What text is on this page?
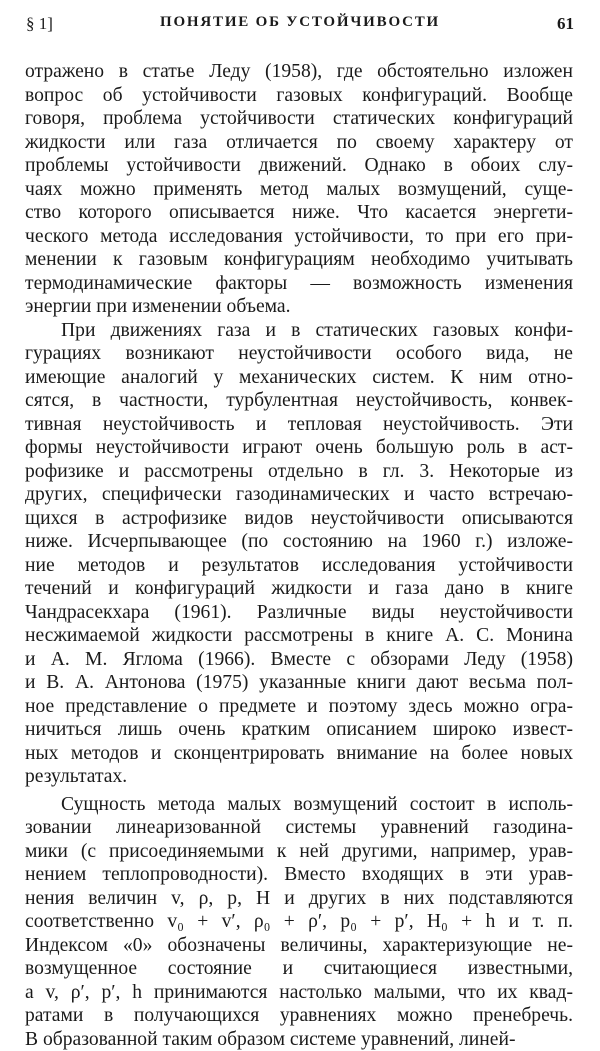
§ 1]	ПОНЯТИЕ ОБ УСТОЙЧИВОСТИ	61
отражено в статье Леду (1958), где обстоятельно изложен
вопрос об устойчивости газовых конфигураций. Вообще
говоря, проблема устойчивости статических конфигураций
жидкости или газа отличается по своему характеру от
проблемы устойчивости движений. Однако в обоих слу-
чаях можно применять метод малых возмущений, суще-
ство которого описывается ниже. Что касается энергети-
ческого метода исследования устойчивости, то при его при-
менении к газовым конфигурациям необходимо учитывать
термодинамические факторы — возможность изменения
энергии при изменении объема.
При движениях газа и в статических газовых конфи-
гурациях возникают неустойчивости особого вида, не
имеющие аналогий у механических систем. К ним отно-
сятся, в частности, турбулентная неустойчивость, конвек-
тивная неустойчивость и тепловая неустойчивость. Эти
формы неустойчивости играют очень большую роль в аст-
рофизике и рассмотрены отдельно в гл. 3. Некоторые из
других, специфически газодинамических и часто встречаю-
щихся в астрофизике видов неустойчивости описываются
ниже. Исчерпывающее (по состоянию на 1960 г.) изложе-
ние методов и результатов исследования устойчивости
течений и конфигураций жидкости и газа дано в книге
Чандрасекхара (1961). Различные виды неустойчивости
несжимаемой жидкости рассмотрены в книге А. С. Монина
и А. М. Яглома (1966). Вместе с обзорами Леду (1958)
и В. А. Антонова (1975) указанные книги дают весьма пол-
ное представление о предмете и поэтому здесь можно огра-
ничиться лишь очень кратким описанием широко извест-
ных методов и сконцентрировать внимание на более новых
результатах.
Сущность метода малых возмущений состоит в исполь-
зовании линеаризованной системы уравнений газодина-
мики (с присоединяемыми к ней другими, например, урав-
нением теплопроводности). Вместо входящих в эти урав-
нения величин v, ρ, p, H и других в них подставляются
соответственно v₀ + v′, ρ₀ + ρ′, p₀ + p′, H₀ + h и т. п.
Индексом «0» обозначены величины, характеризующие не-
возмущенное состояние и считающиеся известными,
а v, ρ′, p′, h принимаются настолько малыми, что их квад-
ратами в получающихся уравнениях можно пренебречь.
В образованной таким образом системе уравнений, линей-
